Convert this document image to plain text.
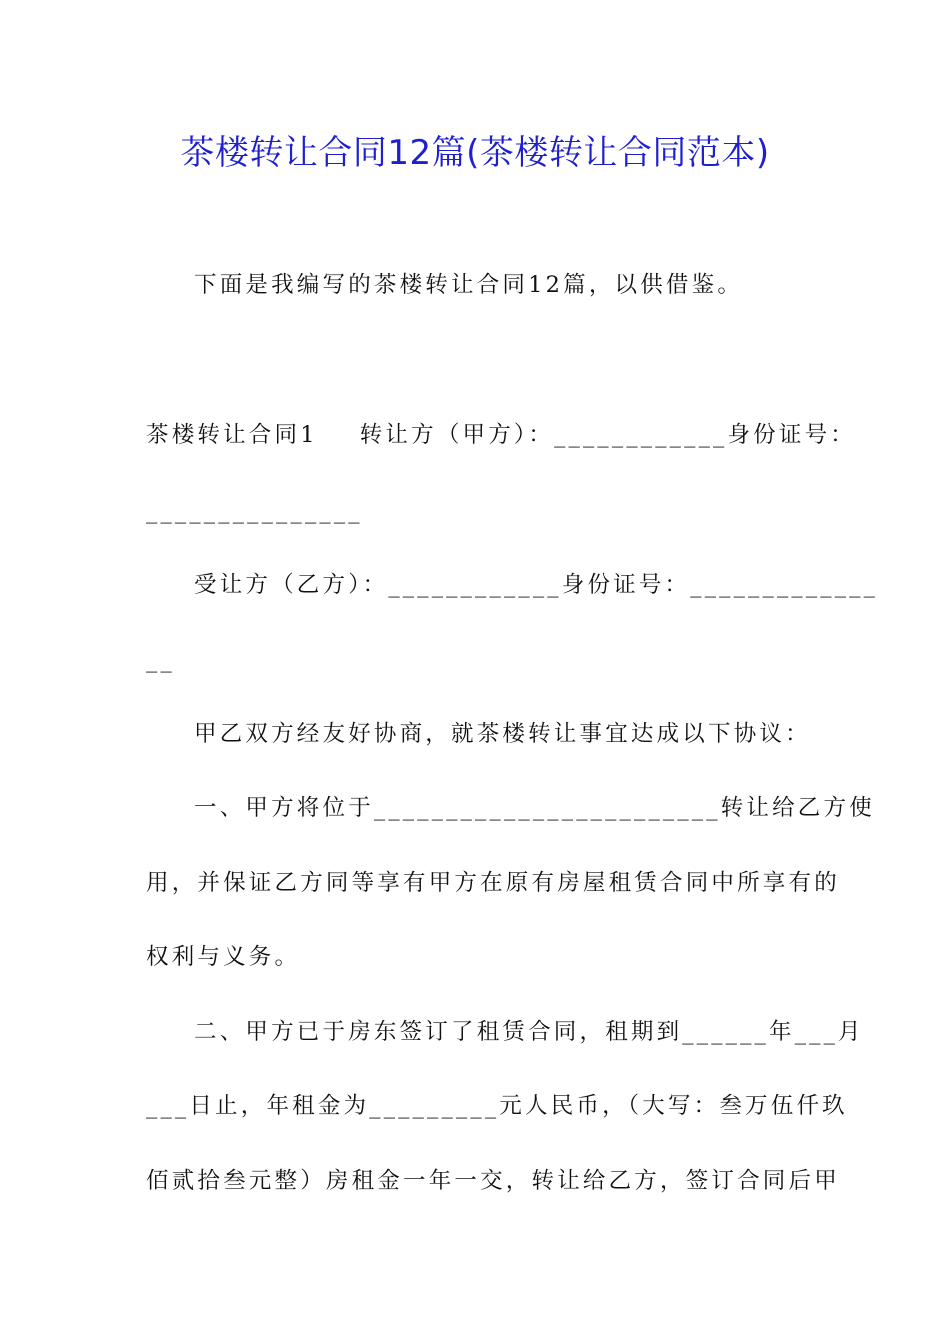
茶楼转让合同12篇(茶楼转让合同范本)
下面是我编写的茶楼转让合同12篇，以供借鉴。
茶楼转让合同1 转让方（甲方）：____________身份证号：
_______________
受让方（乙方）：____________身份证号：_____________
__
甲乙双方经友好协商，就茶楼转让事宜达成以下协议：
一、甲方将位于________________________转让给乙方使
用，并保证乙方同等享有甲方在原有房屋租赁合同中所享有的
权利与义务。
二、甲方已于房东签订了租赁合同，租期到______年___月
___日止，年租金为_________元人民币，（大写：叁万伍仟玖
佰贰拾叁元整）房租金一年一交，转让给乙方，签订合同后甲
